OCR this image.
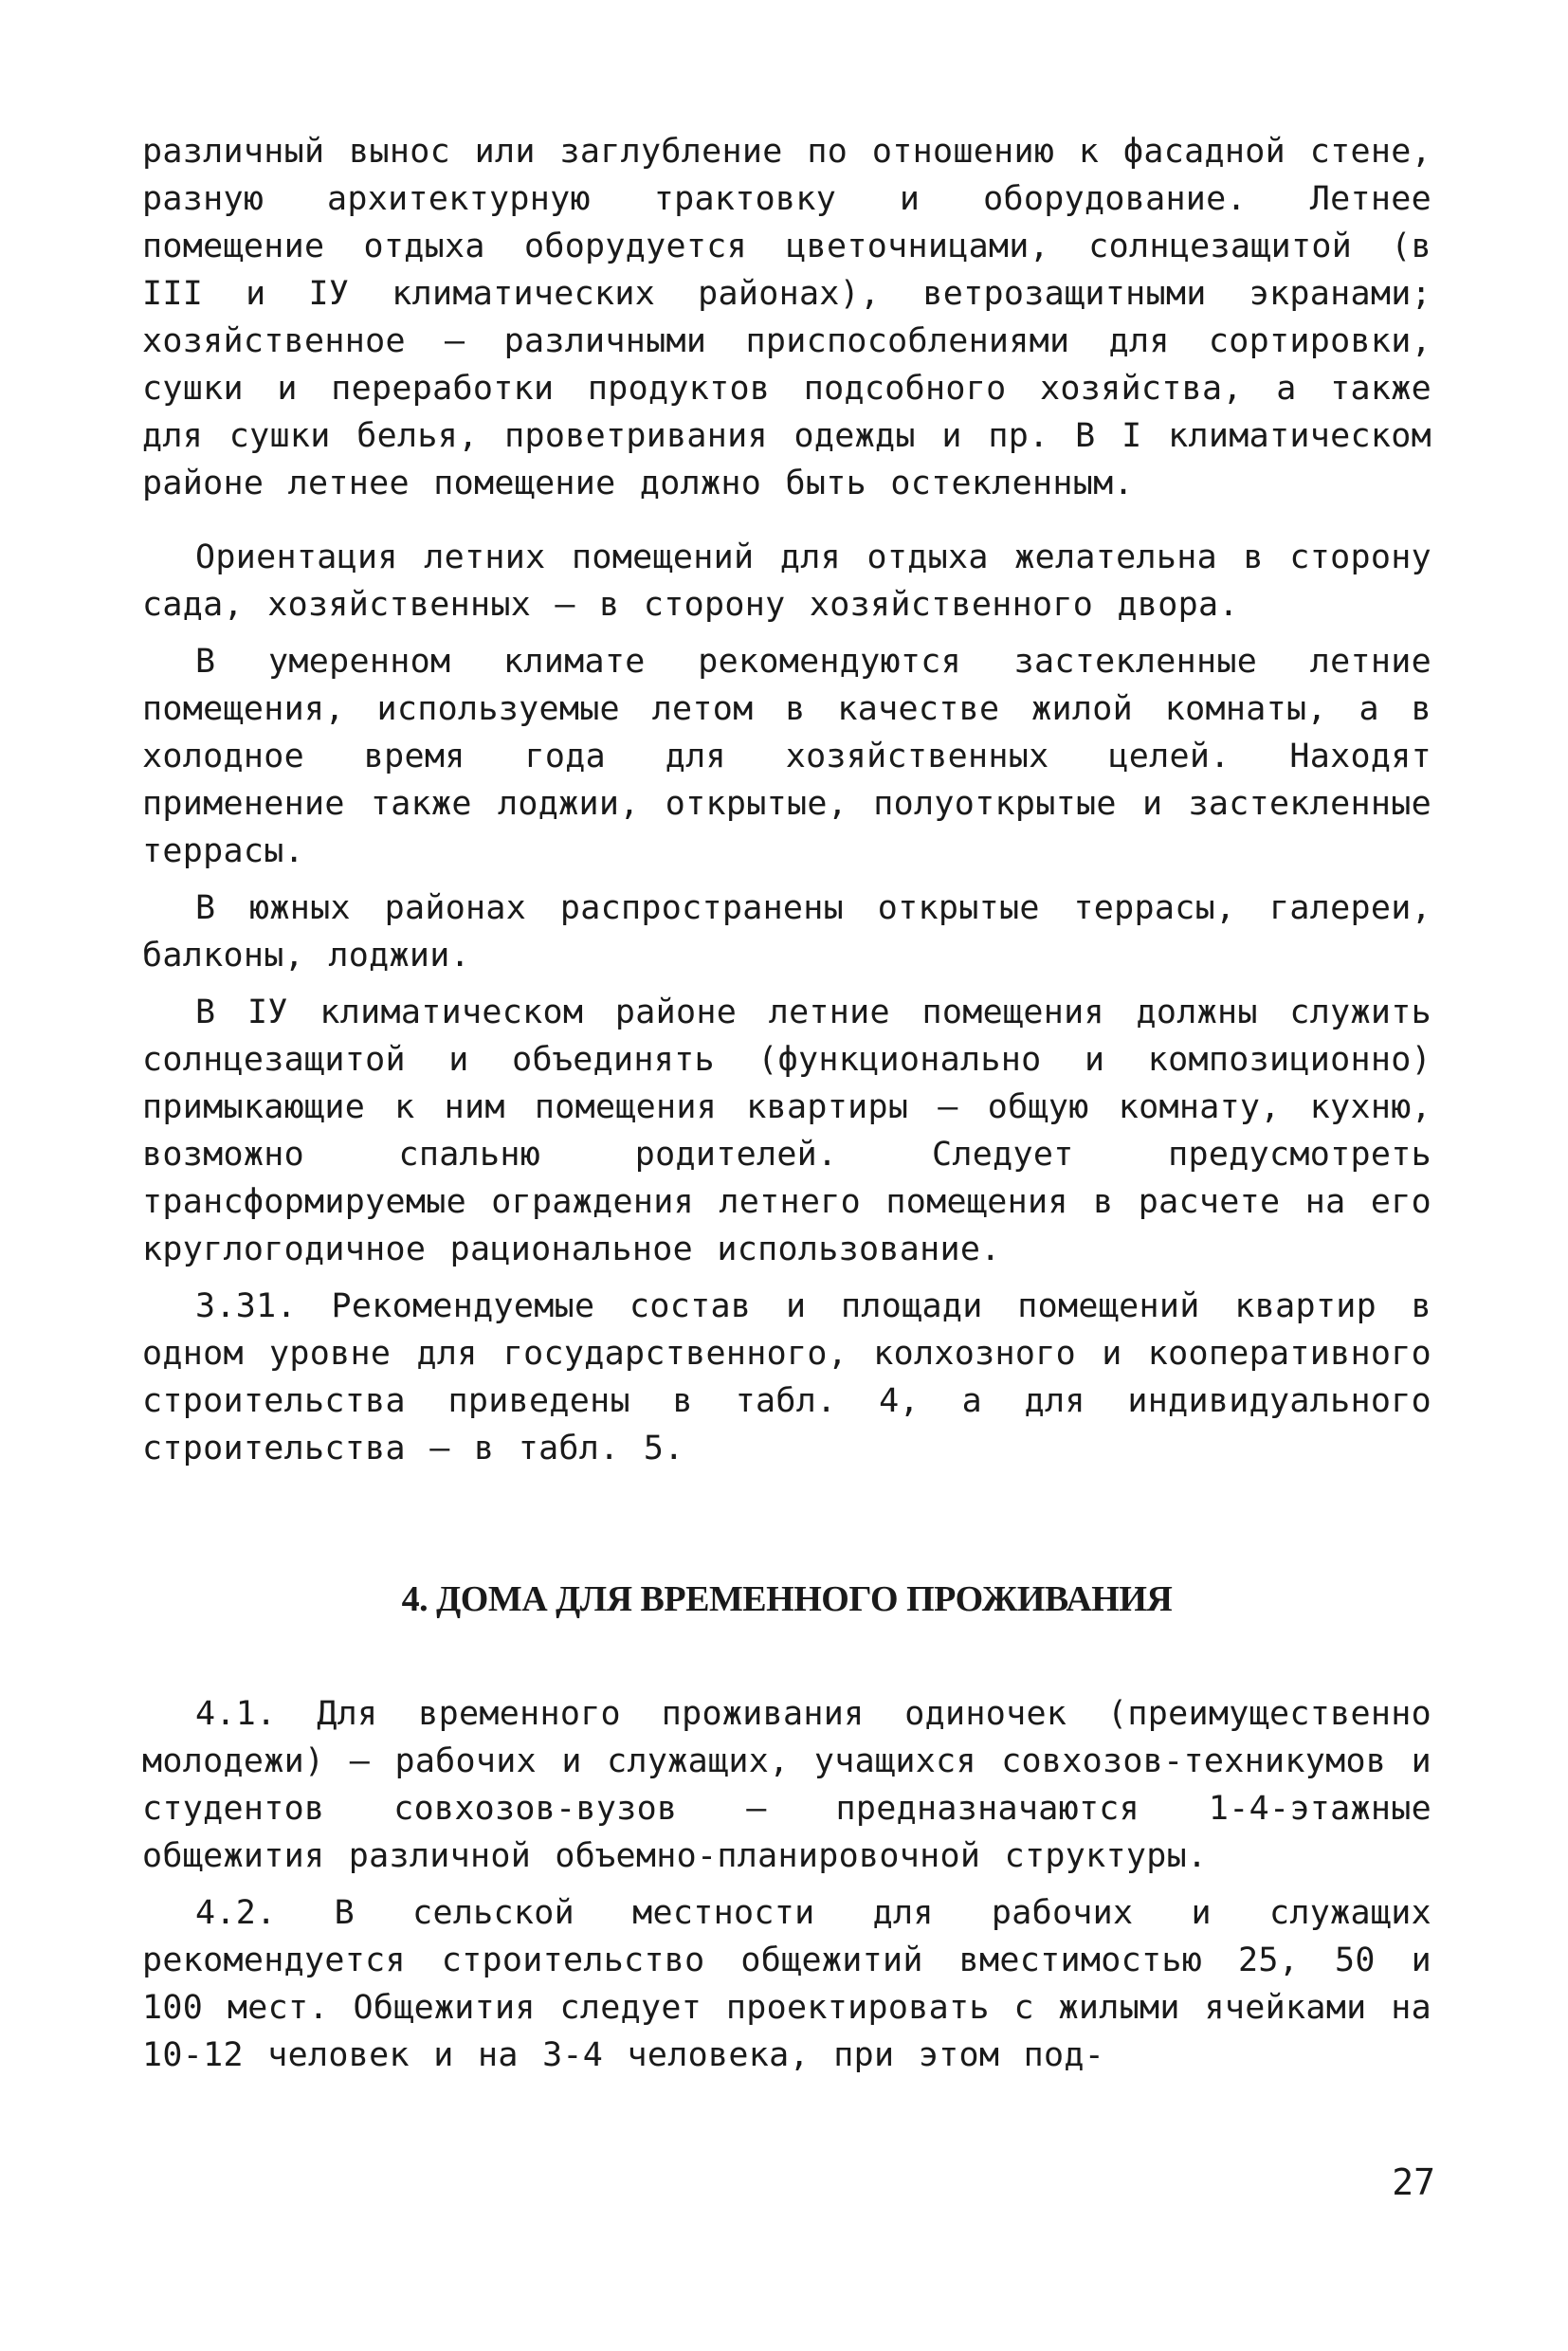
различный вынос или заглубление по отношению к фасадной стене, разную архитектурную трактовку и оборудование. Летнее помещение отдыха оборудуется цветочницами, солнцезащитой (в III и IУ климатических районах), ветрозащитными экранами; хозяйственное – различными приспособлениями для сортировки, сушки и переработки продуктов подсобного хозяйства, а также для сушки белья, проветривания одежды и пр. В I климатическом районе летнее помещение должно быть остекленным.

Ориентация летних помещений для отдыха желательна в сторону сада, хозяйственных – в сторону хозяйственного двора.

В умеренном климате рекомендуются застекленные летние помещения, используемые летом в качестве жилой комнаты, а в холодное время года для хозяйственных целей. Находят применение также лоджии, открытые, полуоткрытые и застекленные террасы.

В южных районах распространены открытые террасы, галереи, балконы, лоджии.

В IУ климатическом районе летние помещения должны служить солнцезащитой и объединять (функционально и композиционно) примыкающие к ним помещения квартиры – общую комнату, кухню, возможно спальню родителей. Следует предусмотреть трансформируемые ограждения летнего помещения в расчете на его круглогодичное рациональное использование.

3.31. Рекомендуемые состав и площади помещений квартир в одном уровне для государственного, колхозного и кооперативного строительства приведены в табл. 4, а для индивидуального строительства – в табл. 5.

4. ДОМА ДЛЯ ВРЕМЕННОГО ПРОЖИВАНИЯ

4.1. Для временного проживания одиночек (преимущественно молодежи) – рабочих и служащих, учащихся совхозов-техникумов и студентов совхозов-вузов – предназначаются 1-4-этажные общежития различной объемно-планировочной структуры.

4.2. В сельской местности для рабочих и служащих рекомендуется строительство общежитий вместимостью 25, 50 и 100 мест. Общежития следует проектировать с жилыми ячейками на 10-12 человек и на 3-4 человека, при этом под-

27
